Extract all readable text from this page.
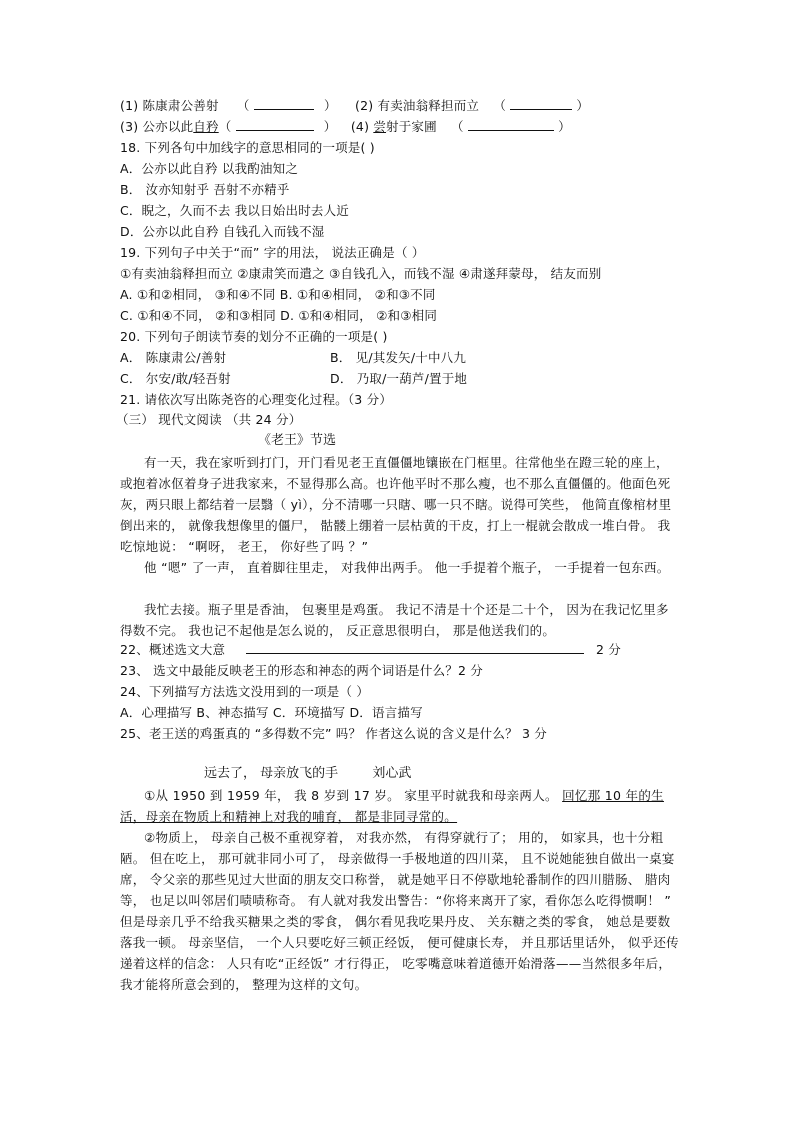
(1) 陈康肃公善射 （	） (2) 有卖油翁释担而立 （	）
(3) 公亦以此自矜（	） (4) 尝射于家圃 （	）
18. 下列各句中加线字的意思相同的一项是( )
A．公亦以此自矜 以我酌油知之
B． 汝亦知射乎 吾射不亦精乎
C．睨之，久而不去 我以日始出时去人近
D．公亦以此自矜 自钱孔入而钱不湿
19. 下列句子中关于“而” 字的用法， 说法正确是（ ）
①有卖油翁释担而立 ②康肃笑而遣之 ③自钱孔入，而钱不湿 ④肃遂拜蒙母， 结友而别
A. ①和②相同， ③和④不同 B. ①和④相同， ②和③不同
C. ①和④不同， ②和③相同 D. ①和④相同， ②和③相同
20. 下列句子朗读节奏的划分不正确的一项是( )
A． 陈康肃公/善射	B． 见/其发矢/十中八九
C． 尔安/敢/轻吾射	D． 乃取/一葫芦/置于地
21. 请依次写出陈尧咨的心理变化过程。（3 分）
（三） 现代文阅读 （共 24 分）
《老王》节选
有一天，我在家听到打门，开门看见老王直僵僵地镶嵌在门框里。往常他坐在蹬三轮的座上，或抱着冰伛着身子进我家来，不显得那么高。也许他平时不那么瘦，也不那么直僵僵的。他面色死灰，两只眼上都结着一层翳（ yì），分不清哪一只瞎、哪一只不瞎。说得可笑些， 他简直像棺材里倒出来的， 就像我想像里的僵尸， 骷髅上绷着一层枯黄的干皮，打上一棍就会散成一堆白骨。 我吃惊地说： “啊呀， 老王， 你好些了吗 ？”
他 “嗯” 了一声， 直着脚往里走， 对我伸出两手。 他一手提着个瓶子， 一手提着一包东西。
我忙去接。瓶子里是香油， 包裹里是鸡蛋。 我记不清是十个还是二十个， 因为在我记忆里多得数不完。 我也记不起他是怎么说的， 反正意思很明白， 那是他送我们的。
22、概述选文大意	2 分
23、 选文中最能反映老王的形态和神态的两个词语是什么？2 分
24、下列描写方法选文没用到的一项是（ ）
A．心理描写 B、神态描写 C．环境描写 D．语言描写
25、老王送的鸡蛋真的 “多得数不完” 吗？ 作者这么说的含义是什么？ 3 分
远去了， 母亲放飞的手	刘心武
①从 1950 到 1959 年， 我 8 岁到 17 岁。 家里平时就我和母亲两人。 回忆那 10 年的生活，母亲在物质上和精神上对我的哺育， 都是非同寻常的。
②物质上， 母亲自己极不重视穿着， 对我亦然， 有得穿就行了； 用的， 如家具，也十分粗陋。 但在吃上， 那可就非同小可了， 母亲做得一手极地道的四川菜， 且不说她能独自做出一桌宴席， 令父亲的那些见过大世面的朋友交口称誉， 就是她平日不停歇地轮番制作的四川腊肠、 腊肉等， 也足以叫邻居们啧啧称奇。 有人就对我发出警告：“你将来离开了家，看你怎么吃得惯啊！ ” 但是母亲几乎不给我买糖果之类的零食， 偶尔看见我吃果丹皮、 关东糖之类的零食， 她总是要数落我一顿。 母亲坚信， 一个人只要吃好三顿正经饭， 便可健康长寿， 并且那话里话外， 似乎还传递着这样的信念： 人只有吃“正经饭” 才行得正， 吃零嘴意味着道德开始滑落——当然很多年后， 我才能将所意会到的， 整理为这样的文句。
